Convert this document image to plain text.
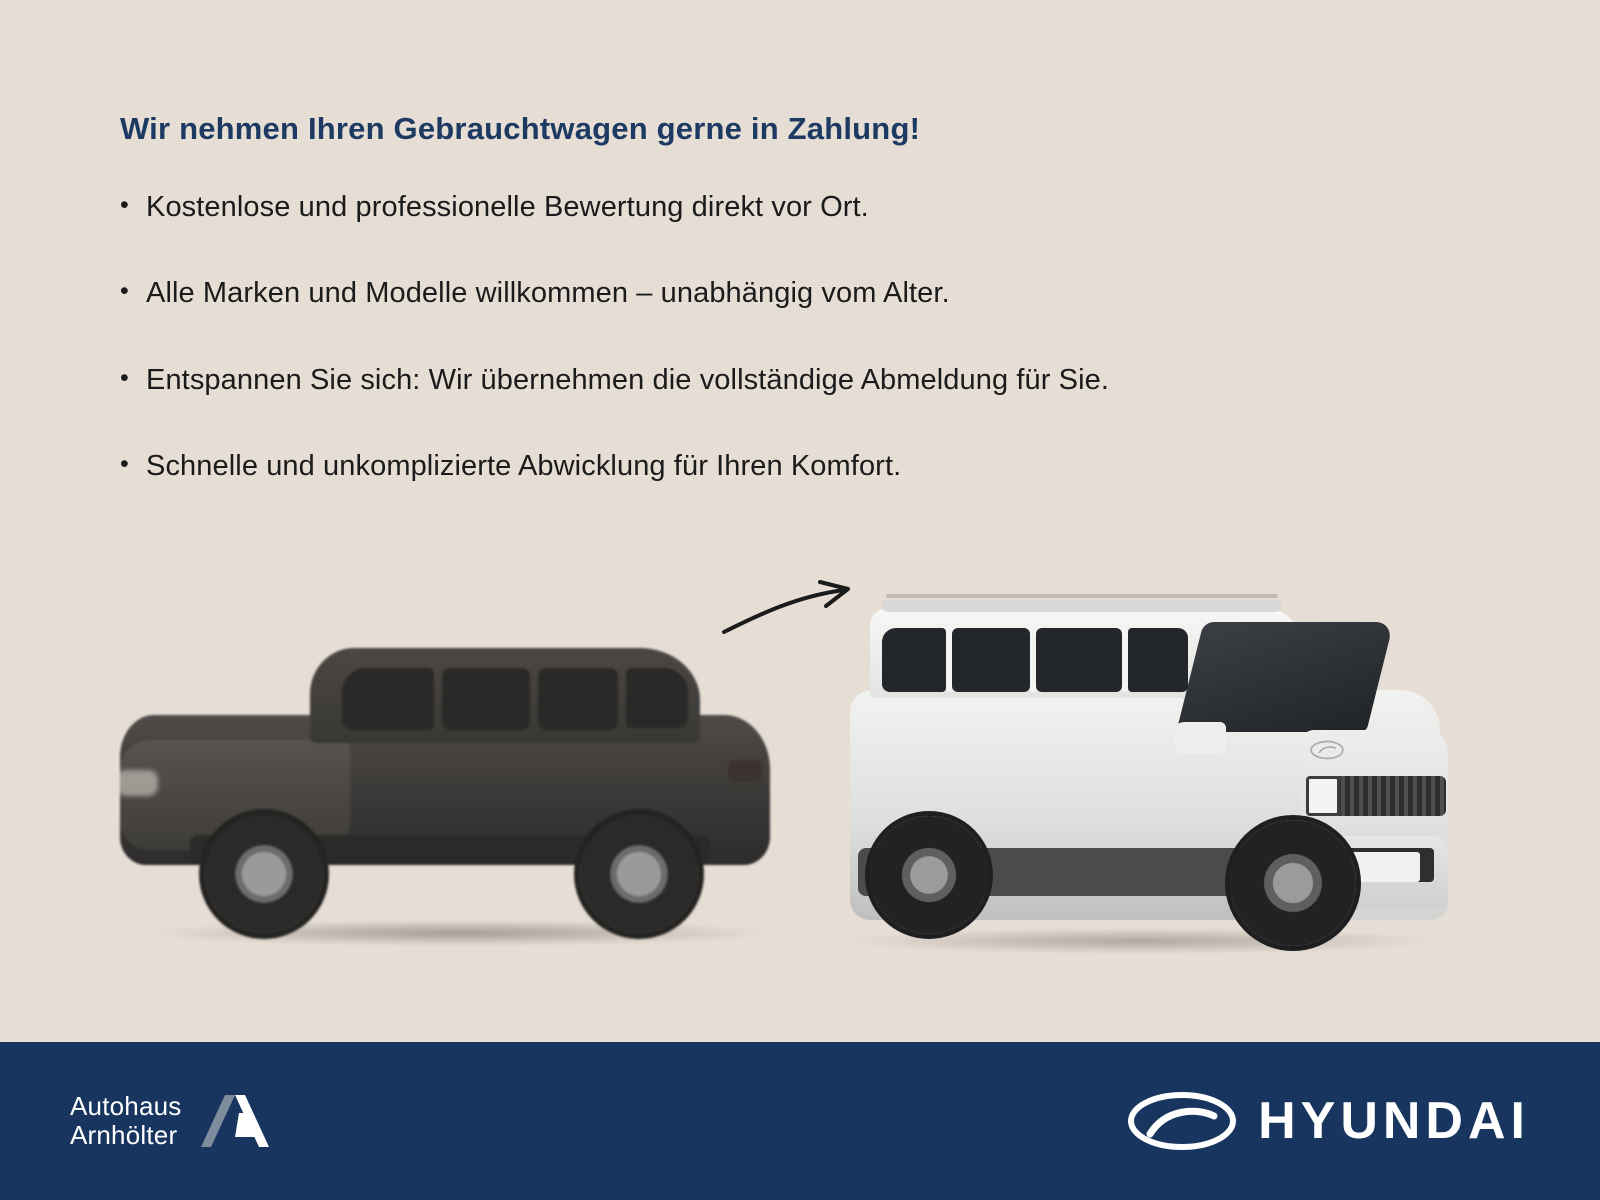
Wir nehmen Ihren Gebrauchtwagen gerne in Zahlung!
• Kostenlose und professionelle Bewertung direkt vor Ort.
• Alle Marken und Modelle willkommen – unabhängig vom Alter.
• Entspannen Sie sich: Wir übernehmen die vollständige Abmeldung für Sie.
• Schnelle und unkomplizierte Abwicklung für Ihren Komfort.
Autohaus
Arnhölter	HYUNDAI
